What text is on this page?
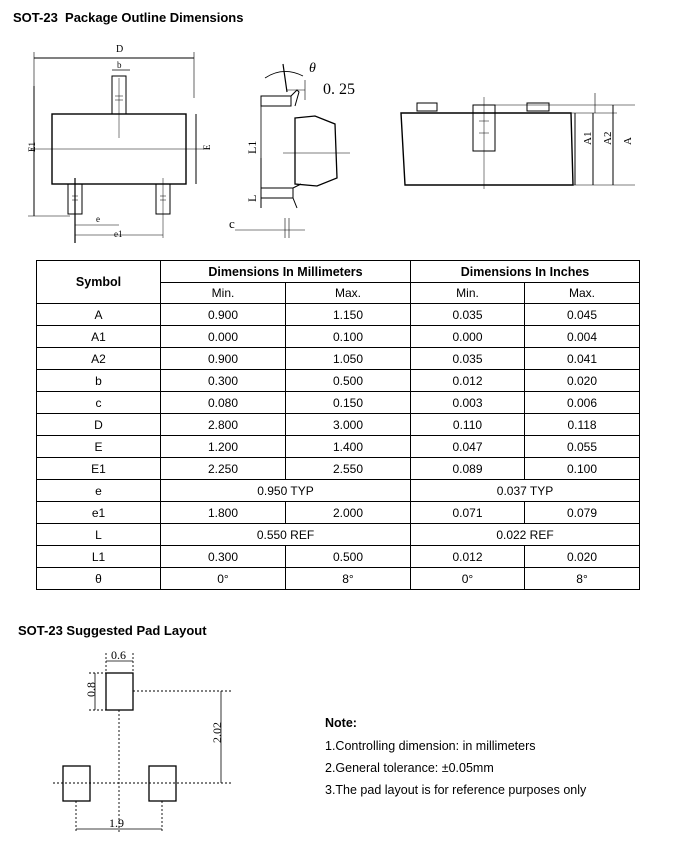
SOT-23  Package Outline Dimensions
D
b
E1	E
e
e1
θ
0. 25
L1
L
c
A1 A2 A
Symbol	Dimensions In Millimeters		Dimensions In Inches	
	Min.	Max.	Min.	Max.
A	0.900	1.150	0.035	0.045
A1	0.000	0.100	0.000	0.004
A2	0.900	1.050	0.035	0.041
b	0.300	0.500	0.012	0.020
c	0.080	0.150	0.003	0.006
D	2.800	3.000	0.110	0.118
E	1.200	1.400	0.047	0.055
E1	2.250	2.550	0.089	0.100
e	0.950 TYP		0.037 TYP	
e1	1.800	2.000	0.071	0.079
L	0.550 REF		0.022 REF	
L1	0.300	0.500	0.012	0.020
θ	0°	8°	0°	8°
SOT-23 Suggested Pad Layout
0.6
0.8
2.02
1.9
Note:
1.Controlling dimension: in millimeters
2.General tolerance: ±0.05mm
3.The pad layout is for reference purposes only
